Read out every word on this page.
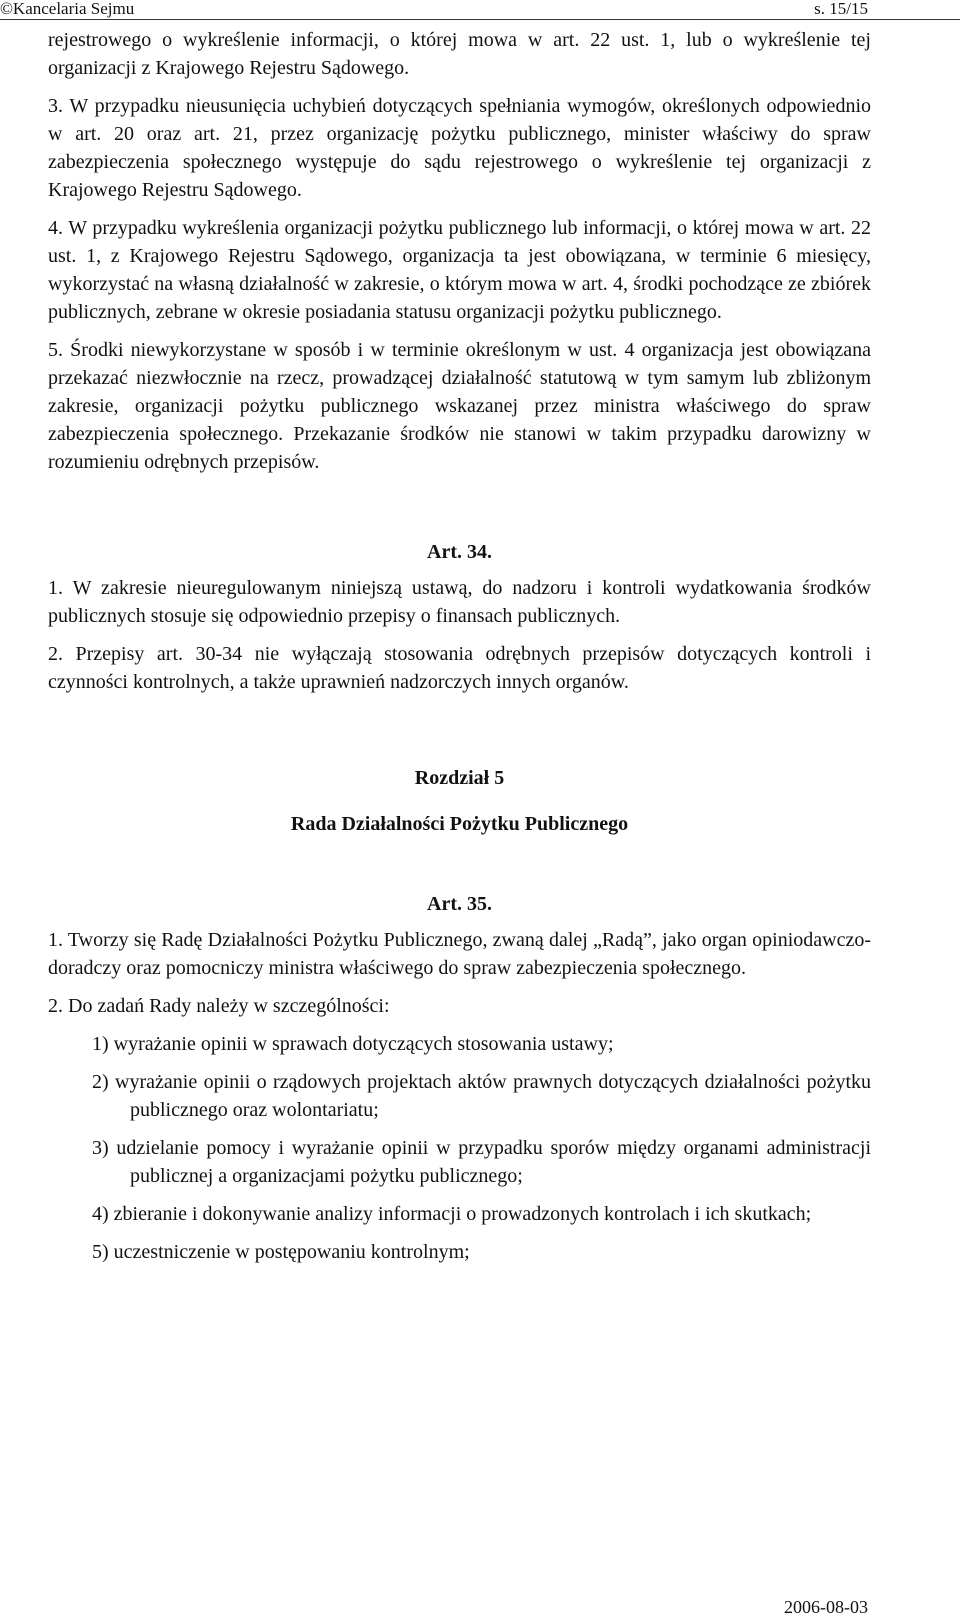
©Kancelaria Sejmu	s. 15/15

rejestrowego o wykreślenie informacji, o której mowa w art. 22 ust. 1, lub o wykreślenie tej organizacji z Krajowego Rejestru Sądowego.

3. W przypadku nieusunięcia uchybień dotyczących spełniania wymogów, określonych odpowiednio w art. 20 oraz art. 21, przez organizację pożytku publicznego, minister właściwy do spraw zabezpieczenia społecznego występuje do sądu rejestrowego o wykreślenie tej organizacji z Krajowego Rejestru Sądowego.

4. W przypadku wykreślenia organizacji pożytku publicznego lub informacji, o której mowa w art. 22 ust. 1, z Krajowego Rejestru Sądowego, organizacja ta jest obowiązana, w terminie 6 miesięcy, wykorzystać na własną działalność w zakresie, o którym mowa w art. 4, środki pochodzące ze zbiórek publicznych, zebrane w okresie posiadania statusu organizacji pożytku publicznego.

5. Środki niewykorzystane w sposób i w terminie określonym w ust. 4 organizacja jest obowiązana przekazać niezwłocznie na rzecz, prowadzącej działalność statutową w tym samym lub zbliżonym zakresie, organizacji pożytku publicznego wskazanej przez ministra właściwego do spraw zabezpieczenia społecznego. Przekazanie środków nie stanowi w takim przypadku darowizny w rozumieniu odrębnych przepisów.

Art. 34.

1. W zakresie nieuregulowanym niniejszą ustawą, do nadzoru i kontroli wydatkowania środków publicznych stosuje się odpowiednio przepisy o finansach publicznych.

2. Przepisy art. 30-34 nie wyłączają stosowania odrębnych przepisów dotyczących kontroli i czynności kontrolnych, a także uprawnień nadzorczych innych organów.

Rozdział 5

Rada Działalności Pożytku Publicznego

Art. 35.

1. Tworzy się Radę Działalności Pożytku Publicznego, zwaną dalej „Radą”, jako organ opiniodawczo-doradczy oraz pomocniczy ministra właściwego do spraw zabezpieczenia społecznego.

2. Do zadań Rady należy w szczególności:

1) wyrażanie opinii w sprawach dotyczących stosowania ustawy;

2) wyrażanie opinii o rządowych projektach aktów prawnych dotyczących działalności pożytku publicznego oraz wolontariatu;

3) udzielanie pomocy i wyrażanie opinii w przypadku sporów między organami administracji publicznej a organizacjami pożytku publicznego;

4) zbieranie i dokonywanie analizy informacji o prowadzonych kontrolach i ich skutkach;

5) uczestniczenie w postępowaniu kontrolnym;

2006-08-03
